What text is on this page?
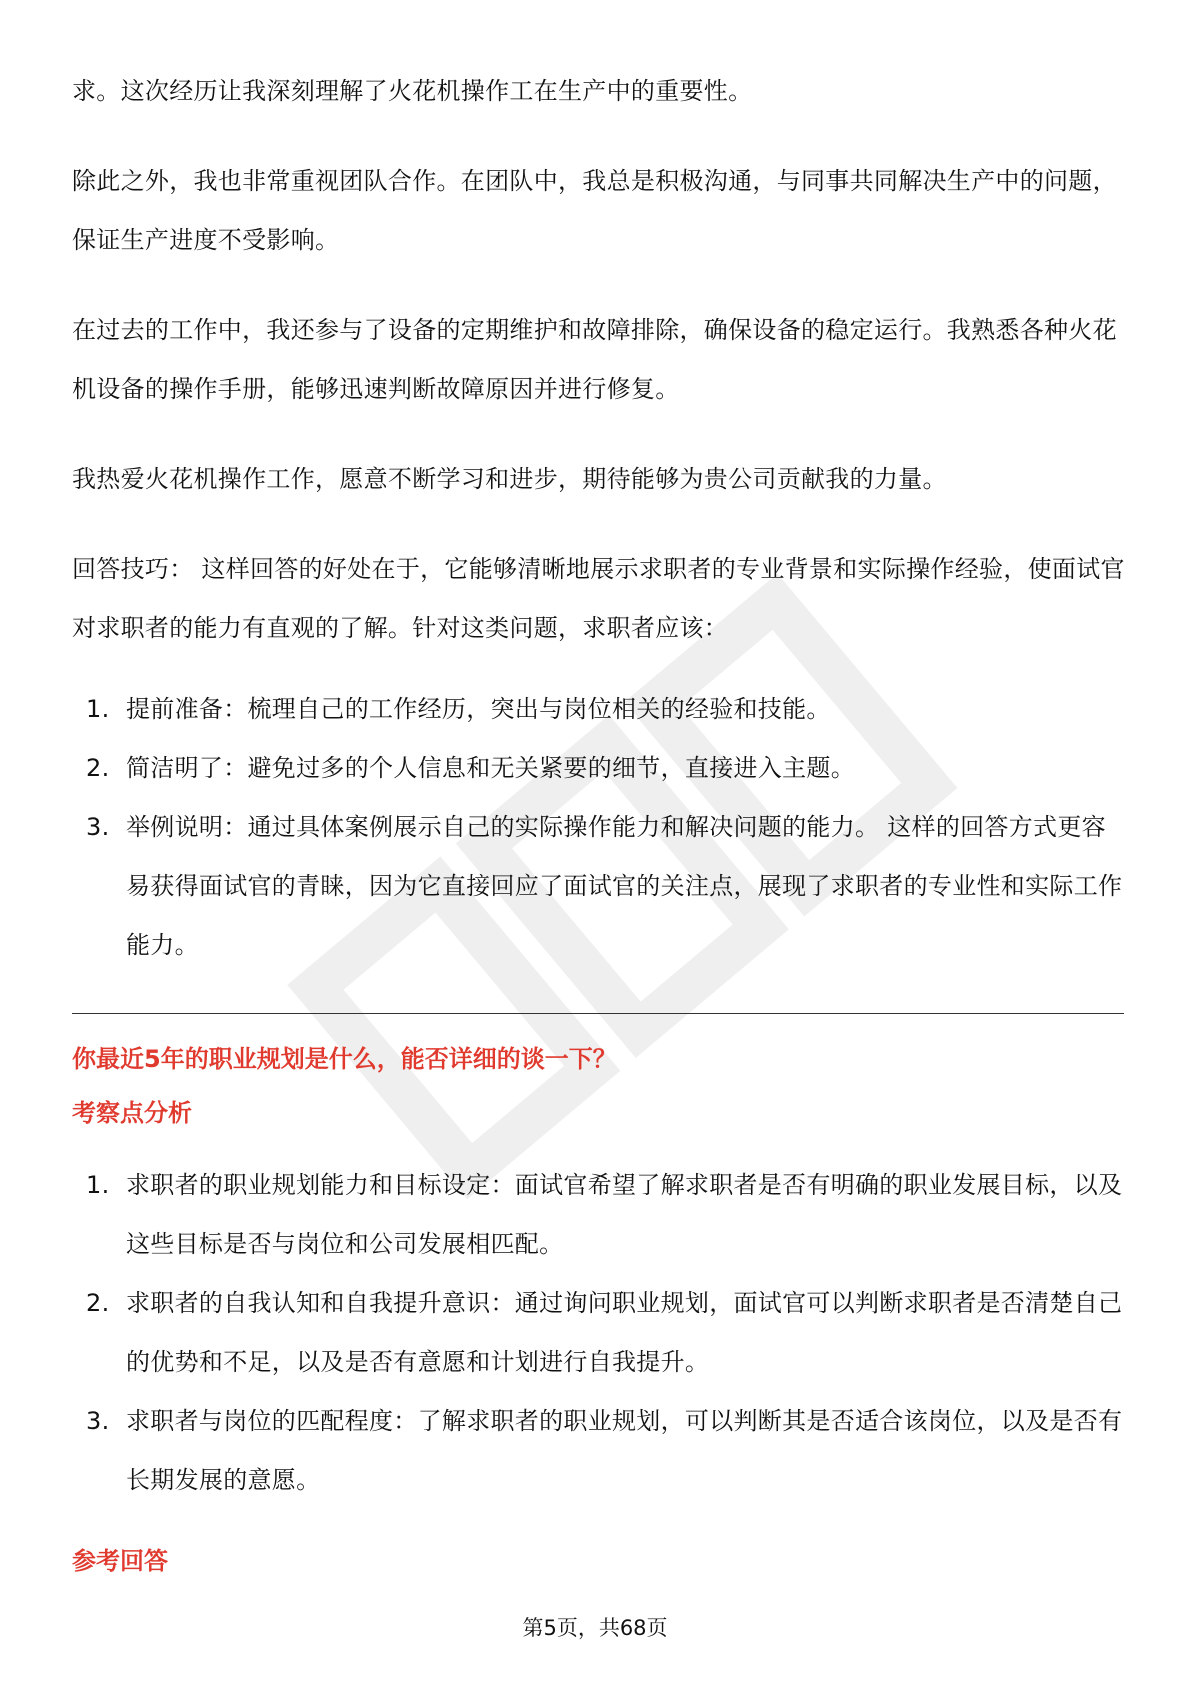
求。这次经历让我深刻理解了火花机操作工在生产中的重要性。

除此之外，我也非常重视团队合作。在团队中，我总是积极沟通，与同事共同解决生产中的问题，保证生产进度不受影响。

在过去的工作中，我还参与了设备的定期维护和故障排除，确保设备的稳定运行。我熟悉各种火花机设备的操作手册，能够迅速判断故障原因并进行修复。

我热爱火花机操作工作，愿意不断学习和进步，期待能够为贵公司贡献我的力量。

回答技巧： 这样回答的好处在于，它能够清晰地展示求职者的专业背景和实际操作经验，使面试官对求职者的能力有直观的了解。针对这类问题，求职者应该：

1. 提前准备：梳理自己的工作经历，突出与岗位相关的经验和技能。
2. 简洁明了：避免过多的个人信息和无关紧要的细节，直接进入主题。
3. 举例说明：通过具体案例展示自己的实际操作能力和解决问题的能力。 这样的回答方式更容易获得面试官的青睐，因为它直接回应了面试官的关注点，展现了求职者的专业性和实际工作能力。
你最近5年的职业规划是什么，能否详细的谈一下？
考察点分析
1. 求职者的职业规划能力和目标设定：面试官希望了解求职者是否有明确的职业发展目标，以及这些目标是否与岗位和公司发展相匹配。
2. 求职者的自我认知和自我提升意识：通过询问职业规划，面试官可以判断求职者是否清楚自己的优势和不足，以及是否有意愿和计划进行自我提升。
3. 求职者与岗位的匹配程度：了解求职者的职业规划，可以判断其是否适合该岗位，以及是否有长期发展的意愿。
参考回答
第5页，共68页
